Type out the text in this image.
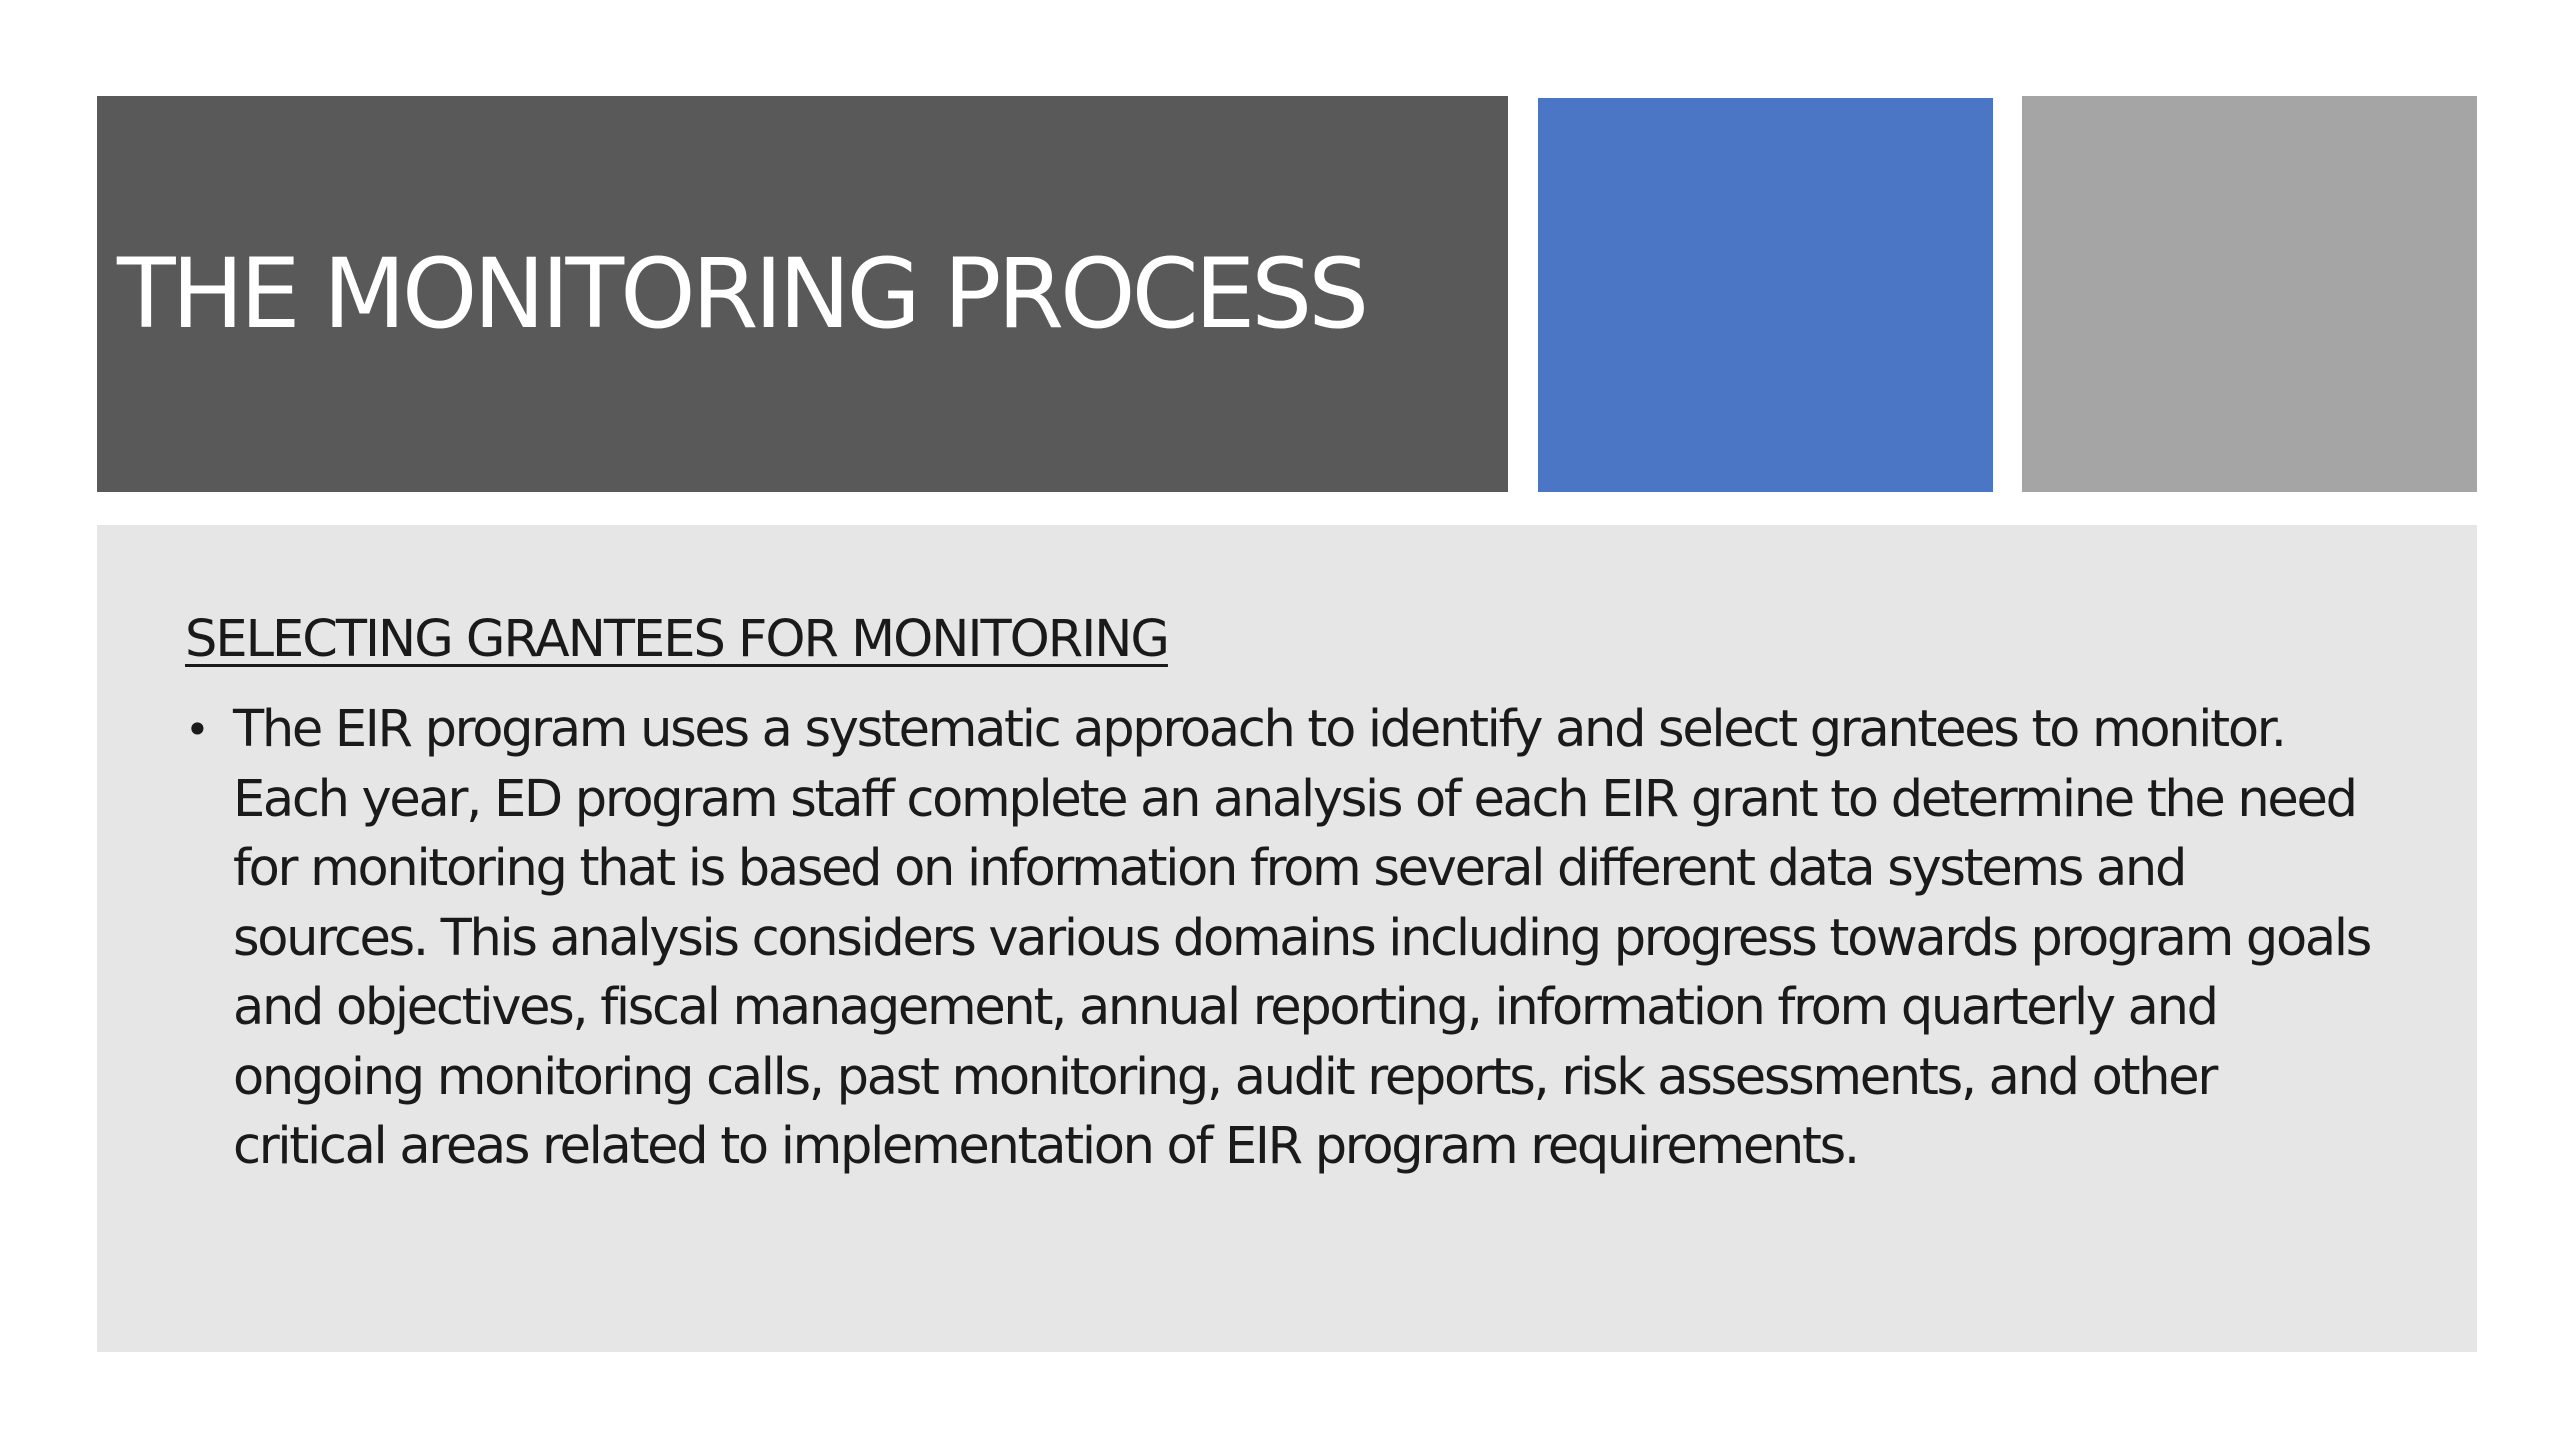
THE MONITORING PROCESS
SELECTING GRANTEES FOR MONITORING
• The EIR program uses a systematic approach to identify and select grantees to monitor. Each year, ED program staff complete an analysis of each EIR grant to determine the need for monitoring that is based on information from several different data systems and sources. This analysis considers various domains including progress towards program goals and objectives, fiscal management, annual reporting, information from quarterly and ongoing monitoring calls, past monitoring, audit reports, risk assessments, and other critical areas related to implementation of EIR program requirements.
